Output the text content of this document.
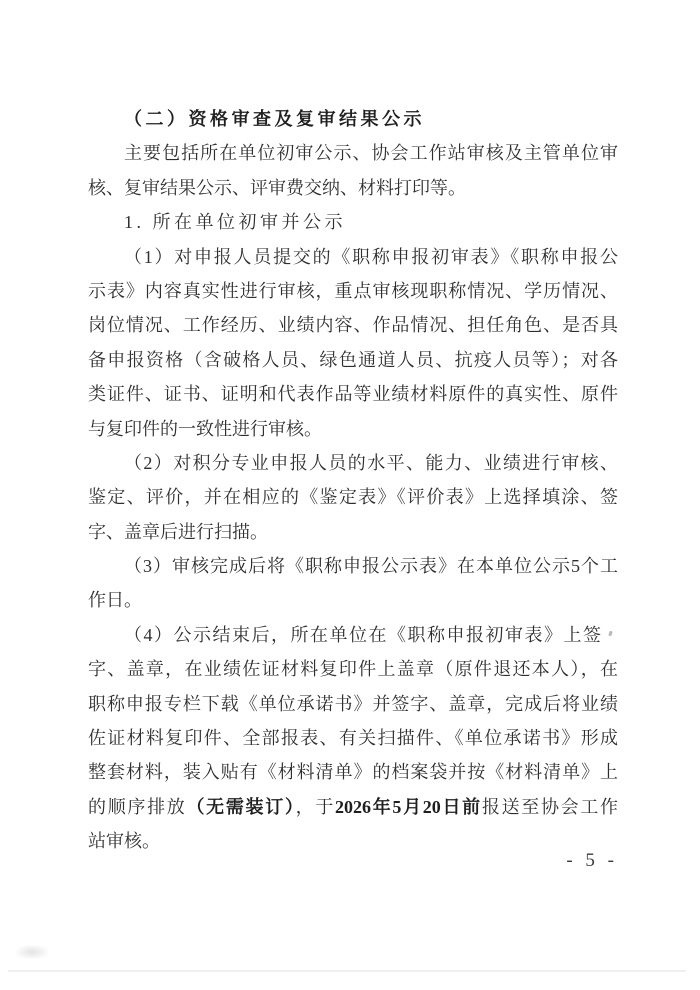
（二）资格审查及复审结果公示
主要包括所在单位初审公示、协会工作站审核及主管单位审
核、复审结果公示、评审费交纳、材料打印等。
1. 所在单位初审并公示
（1）对申报人员提交的《职称申报初审表》《职称申报公
示表》内容真实性进行审核，重点审核现职称情况、学历情况、
岗位情况、工作经历、业绩内容、作品情况、担任角色、是否具
备申报资格（含破格人员、绿色通道人员、抗疫人员等）；对各
类证件、证书、证明和代表作品等业绩材料原件的真实性、原件
与复印件的一致性进行审核。
（2）对积分专业申报人员的水平、能力、业绩进行审核、
鉴定、评价，并在相应的《鉴定表》《评价表》上选择填涂、签
字、盖章后进行扫描。
（3）审核完成后将《职称申报公示表》在本单位公示5个工
作日。
（4）公示结束后，所在单位在《职称申报初审表》上签
字、盖章，在业绩佐证材料复印件上盖章（原件退还本人），在
职称申报专栏下载《单位承诺书》并签字、盖章，完成后将业绩
佐证材料复印件、全部报表、有关扫描件、《单位承诺书》形成
整套材料，装入贴有《材料清单》的档案袋并按《材料清单》上
的顺序排放（无需装订），于2026年5月20日前报送至协会工作
站审核。
- 5 -
